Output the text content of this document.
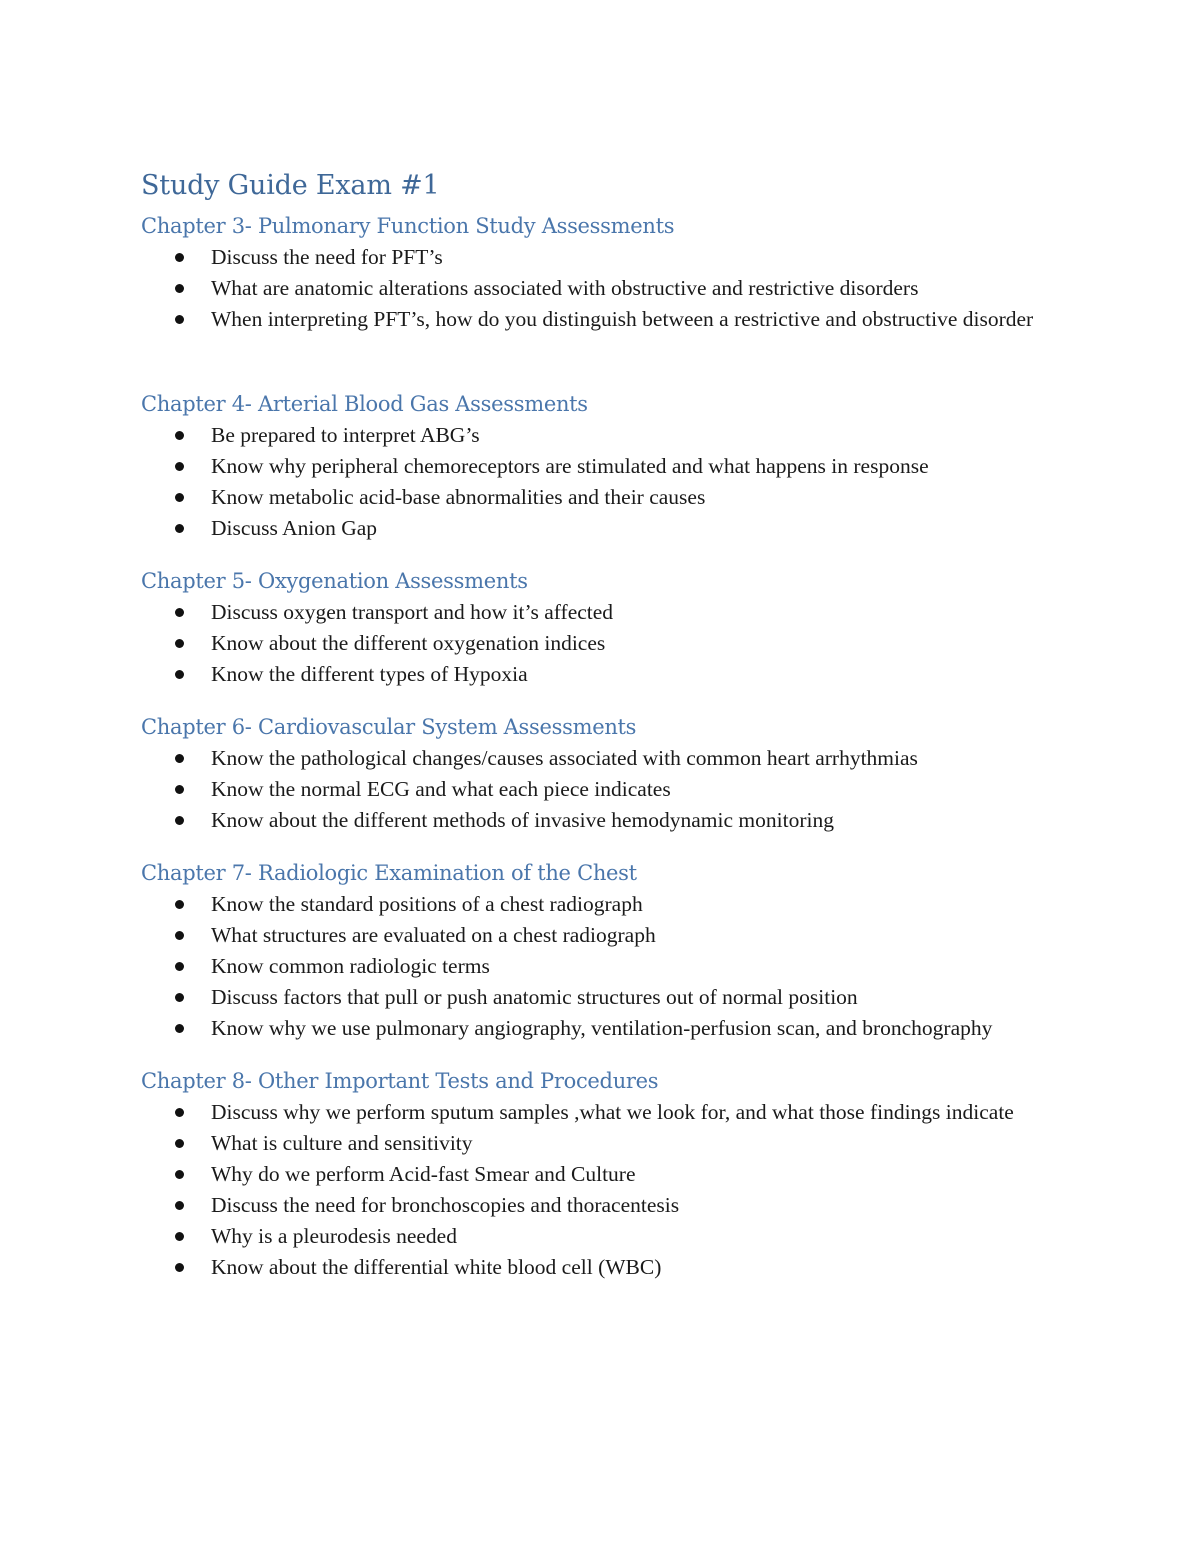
Study Guide Exam #1
Chapter 3- Pulmonary Function Study Assessments
Discuss the need for PFT’s
What are anatomic alterations associated with obstructive and restrictive disorders
When interpreting PFT’s, how do you distinguish between a restrictive and obstructive disorder
Chapter 4- Arterial Blood Gas Assessments
Be prepared to interpret ABG’s
Know why peripheral chemoreceptors are stimulated and what happens in response
Know metabolic acid-base abnormalities and their causes
Discuss Anion Gap
Chapter 5- Oxygenation Assessments
Discuss oxygen transport and how it’s affected
Know about the different oxygenation indices
Know the different types of Hypoxia
Chapter 6- Cardiovascular System Assessments
Know the pathological changes/causes associated with common heart arrhythmias
Know the normal ECG and what each piece indicates
Know about the different methods of invasive hemodynamic monitoring
Chapter 7- Radiologic Examination of the Chest
Know the standard positions of a chest radiograph
What structures are evaluated on a chest radiograph
Know common radiologic terms
Discuss factors that pull or push anatomic structures out of normal position
Know why we use pulmonary angiography, ventilation-perfusion scan, and bronchography
Chapter 8- Other Important Tests and Procedures
Discuss why we perform sputum samples ,what we look for, and what those findings indicate
What is culture and sensitivity
Why do we perform Acid-fast Smear and Culture
Discuss the need for bronchoscopies and thoracentesis
Why is a pleurodesis needed
Know about the differential white blood cell (WBC)
